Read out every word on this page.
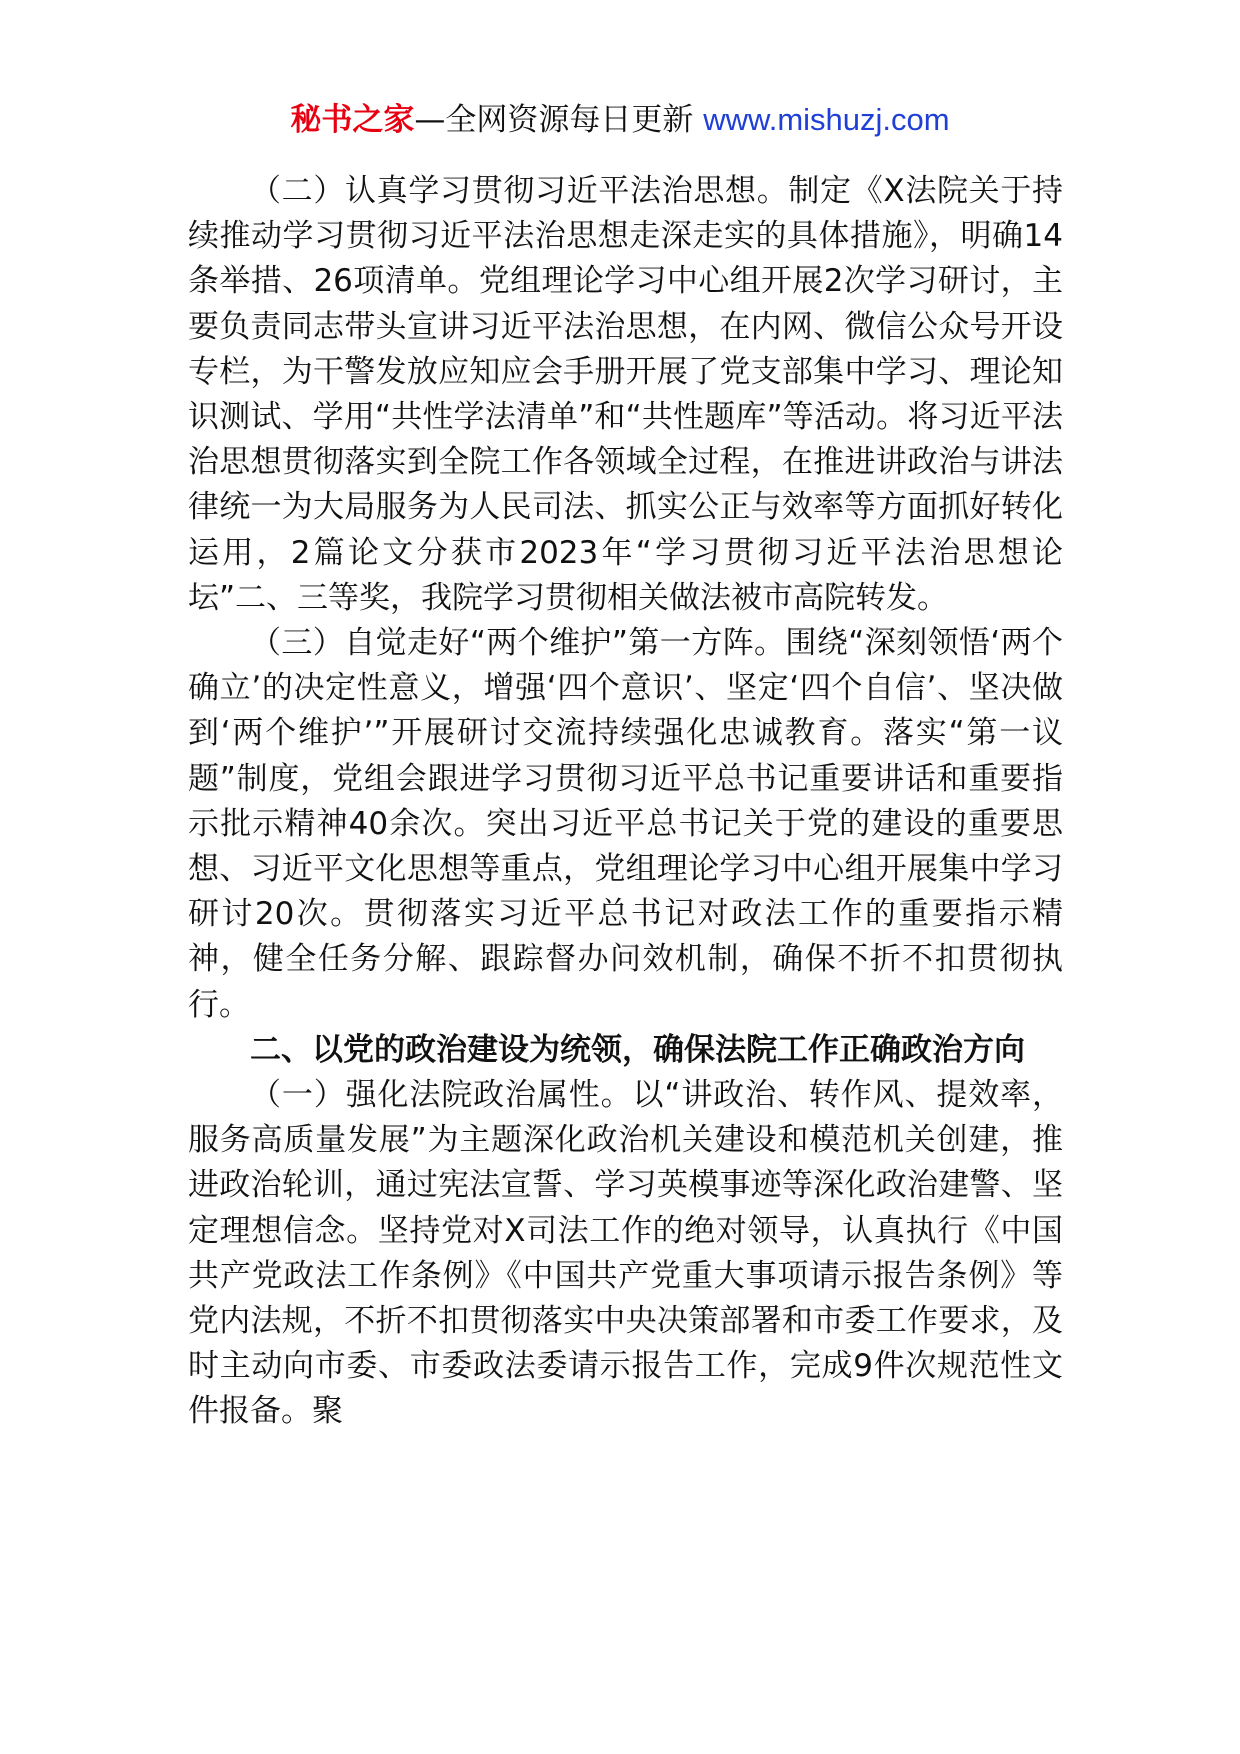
秘书之家—全网资源每日更新 www.mishuzj.com

（二）认真学习贯彻习近平法治思想。制定《X法院关于持续推动学习贯彻习近平法治思想走深走实的具体措施》，明确14条举措、26项清单。党组理论学习中心组开展2次学习研讨，主要负责同志带头宣讲习近平法治思想，在内网、微信公众号开设专栏，为干警发放应知应会手册开展了党支部集中学习、理论知识测试、学用“共性学法清单”和“共性题库”等活动。将习近平法治思想贯彻落实到全院工作各领域全过程，在推进讲政治与讲法律统一为大局服务为人民司法、抓实公正与效率等方面抓好转化运用，2篇论文分获市2023年“学习贯彻习近平法治思想论坛”二、三等奖，我院学习贯彻相关做法被市高院转发。

（三）自觉走好“两个维护”第一方阵。围绕“深刻领悟‘两个确立’的决定性意义，增强‘四个意识’、坚定‘四个自信’、坚决做到‘两个维护’”开展研讨交流持续强化忠诚教育。落实“第一议题”制度，党组会跟进学习贯彻习近平总书记重要讲话和重要指示批示精神40余次。突出习近平总书记关于党的建设的重要思想、习近平文化思想等重点，党组理论学习中心组开展集中学习研讨20次。贯彻落实习近平总书记对政法工作的重要指示精神，健全任务分解、跟踪督办问效机制，确保不折不扣贯彻执行。

二、以党的政治建设为统领，确保法院工作正确政治方向

（一）强化法院政治属性。以“讲政治、转作风、提效率，服务高质量发展”为主题深化政治机关建设和模范机关创建，推进政治轮训，通过宪法宣誓、学习英模事迹等深化政治建警、坚定理想信念。坚持党对X司法工作的绝对领导，认真执行《中国共产党政法工作条例》《中国共产党重大事项请示报告条例》等党内法规，不折不扣贯彻落实中央决策部署和市委工作要求，及时主动向市委、市委政法委请示报告工作，完成9件次规范性文件报备。聚
